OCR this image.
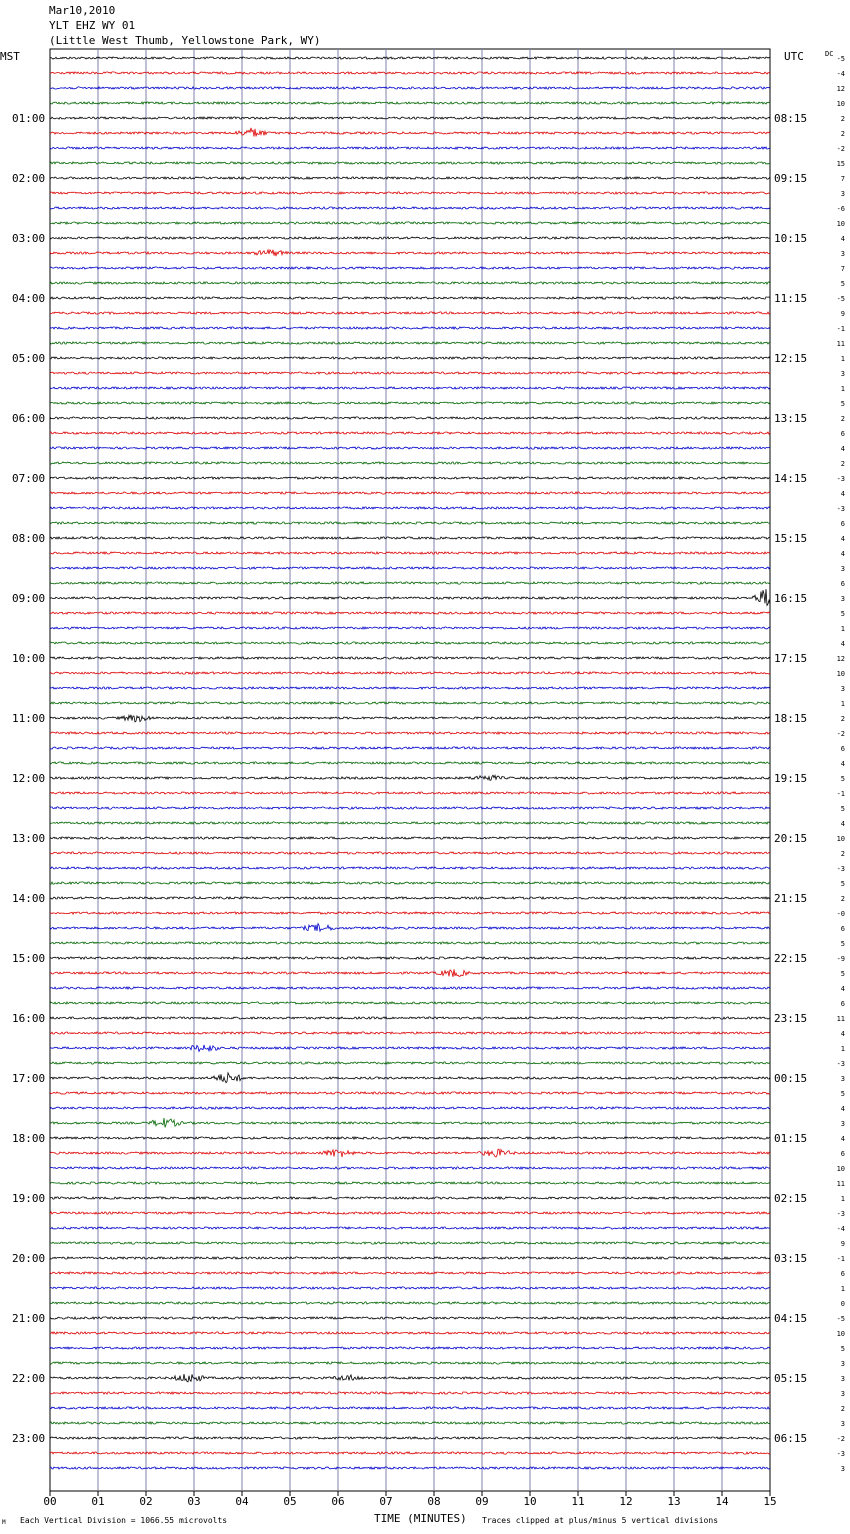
Mar10,2010
YLT EHZ WY 01
(Little West Thumb, Yellowstone Park, WY)
MST	UTC	DC
01:00	08:15
02:00	09:15
03:00	10:15
04:00	11:15
05:00	12:15
06:00	13:15
07:00	14:15
08:00	15:15
09:00	16:15
10:00	17:15
11:00	18:15
12:00	19:15
13:00	20:15
14:00	21:15
15:00	22:15
16:00	23:15
17:00	00:15
18:00	01:15
19:00	02:15
20:00	03:15
21:00	04:15
22:00	05:15
23:00	06:15
-5
-4
12
10
2
2
-2
15
7
3
-6
10
4
3
7
5
-5
9
-1
11
1
3
1
5
2
6
4
2
-3
4
-3
6
4
4
3
6
3
5
1
4
12
10
3
1
2
-2
6
4
5
-1
5
4
10
2
-3
5
2
-0
6
5
-9
5
4
6
11
4
1
-3
3
5
4
3
4
6
10
11
1
-3
-4
9
-1
6
1
0
-5
10
5
3
3
3
2
3
-2
-3
3
00	01	02	03	04	05	06	07	08	09	10	11	12	13	14	15
M Each Vertical Division = 1066.55 microvolts	TIME (MINUTES) Traces clipped at plus/minus 5 vertical divisions
